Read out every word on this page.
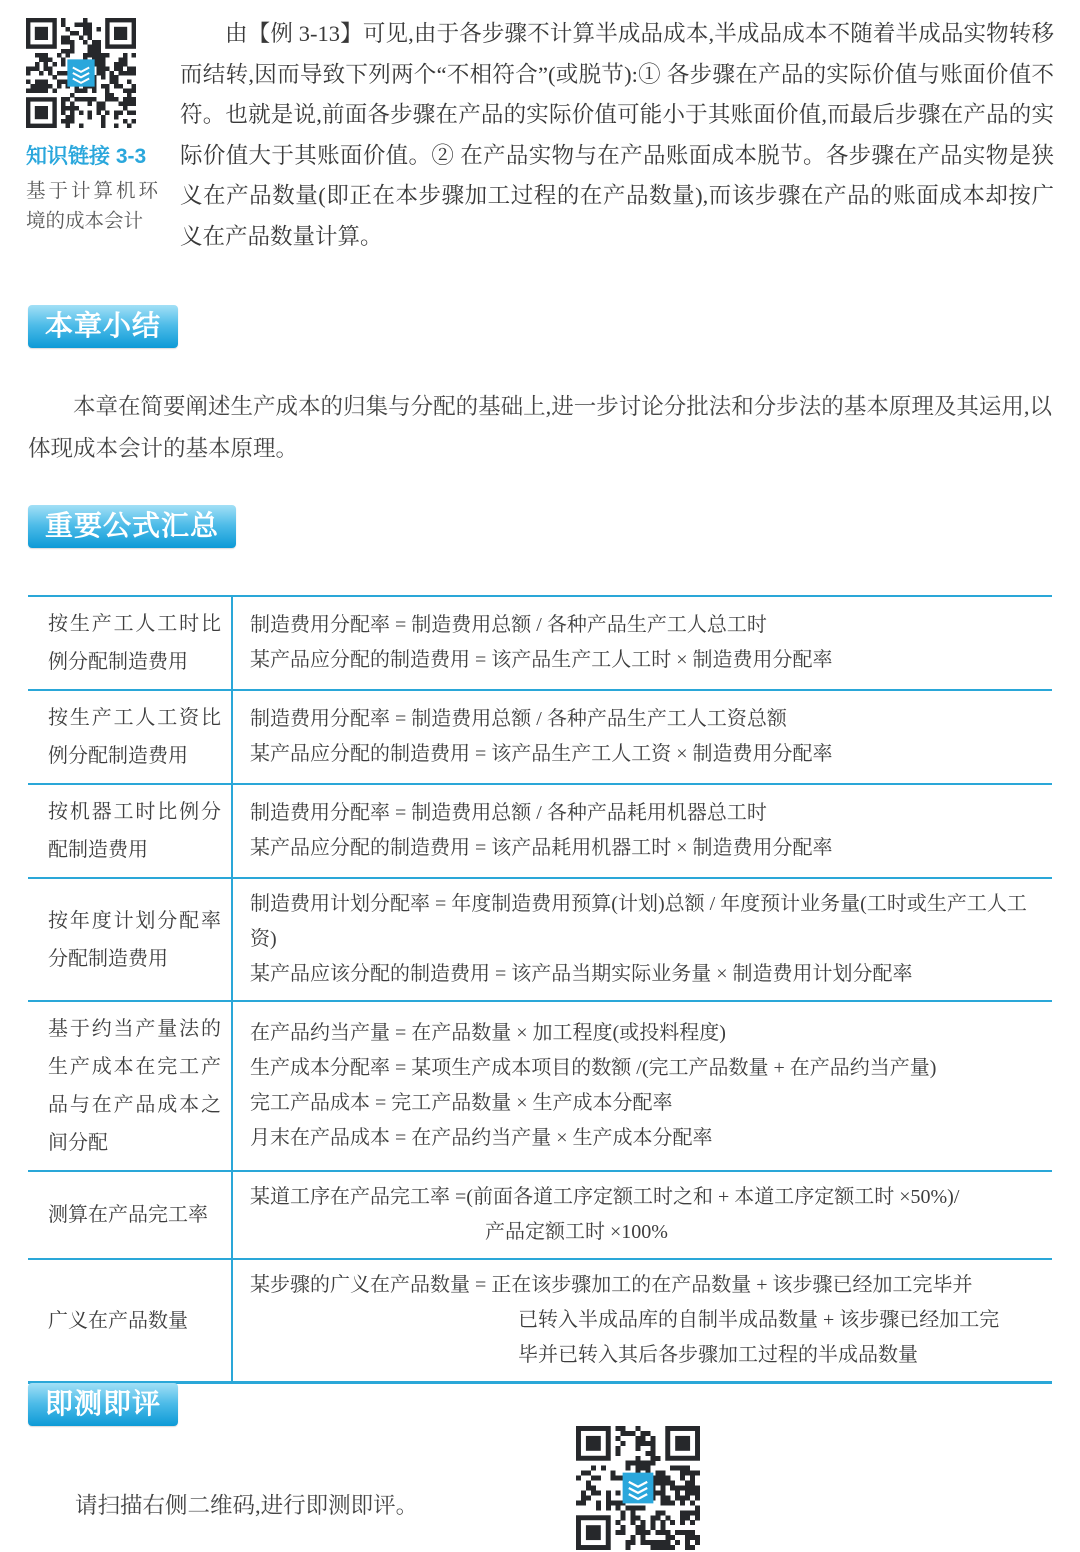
知识链接 3-3
基于计算机环境的成本会计

由【例 3-13】可见,由于各步骤不计算半成品成本,半成品成本不随着半成品实物转移而结转,因而导致下列两个“不相符合”(或脱节):① 各步骤在产品的实际价值与账面价值不符。也就是说,前面各步骤在产品的实际价值可能小于其账面价值,而最后步骤在产品的实际价值大于其账面价值。② 在产品实物与在产品账面成本脱节。各步骤在产品实物是狭义在产品数量(即正在本步骤加工过程的在产品数量),而该步骤在产品的账面成本却按广义在产品数量计算。

本章小结

本章在简要阐述生产成本的归集与分配的基础上,进一步讨论分批法和分步法的基本原理及其运用,以体现成本会计的基本原理。

重要公式汇总
按生产工人工时比例分配制造费用

制造费用分配率 = 制造费用总额 / 各种产品生产工人总工时

某产品应分配的制造费用 = 该产品生产工人工时 × 制造费用分配率

按生产工人工资比例分配制造费用

制造费用分配率 = 制造费用总额 / 各种产品生产工人工资总额

某产品应分配的制造费用 = 该产品生产工人工资 × 制造费用分配率

按机器工时比例分配制造费用

制造费用分配率 = 制造费用总额 / 各种产品耗用机器总工时

某产品应分配的制造费用 = 该产品耗用机器工时 × 制造费用分配率

按年度计划分配率分配制造费用

制造费用计划分配率 = 年度制造费用预算(计划)总额 / 年度预计业务量(工时或生产工人工资)

某产品应该分配的制造费用 = 该产品当期实际业务量 × 制造费用计划分配率

基于约当产量法的生产成本在完工产品与在产品成本之间分配

在产品约当产量 = 在产品数量 × 加工程度(或投料程度)

生产成本分配率 = 某项生产成本项目的数额 /(完工产品数量 + 在产品约当产量)

完工产品成本 = 完工产品数量 × 生产成本分配率

月末在产品成本 = 在产品约当产量 × 生产成本分配率

测算在产品完工率

某道工序在产品完工率 =(前面各道工序定额工时之和 + 本道工序定额工时 ×50%)/

产品定额工时 ×100%

广义在产品数量

某步骤的广义在产品数量 = 正在该步骤加工的在产品数量 + 该步骤已经加工完毕并

已转入半成品库的自制半成品数量 + 该步骤已经加工完

毕并已转入其后各步骤加工过程的半成品数量

即测即评

请扫描右侧二维码,进行即测即评。
